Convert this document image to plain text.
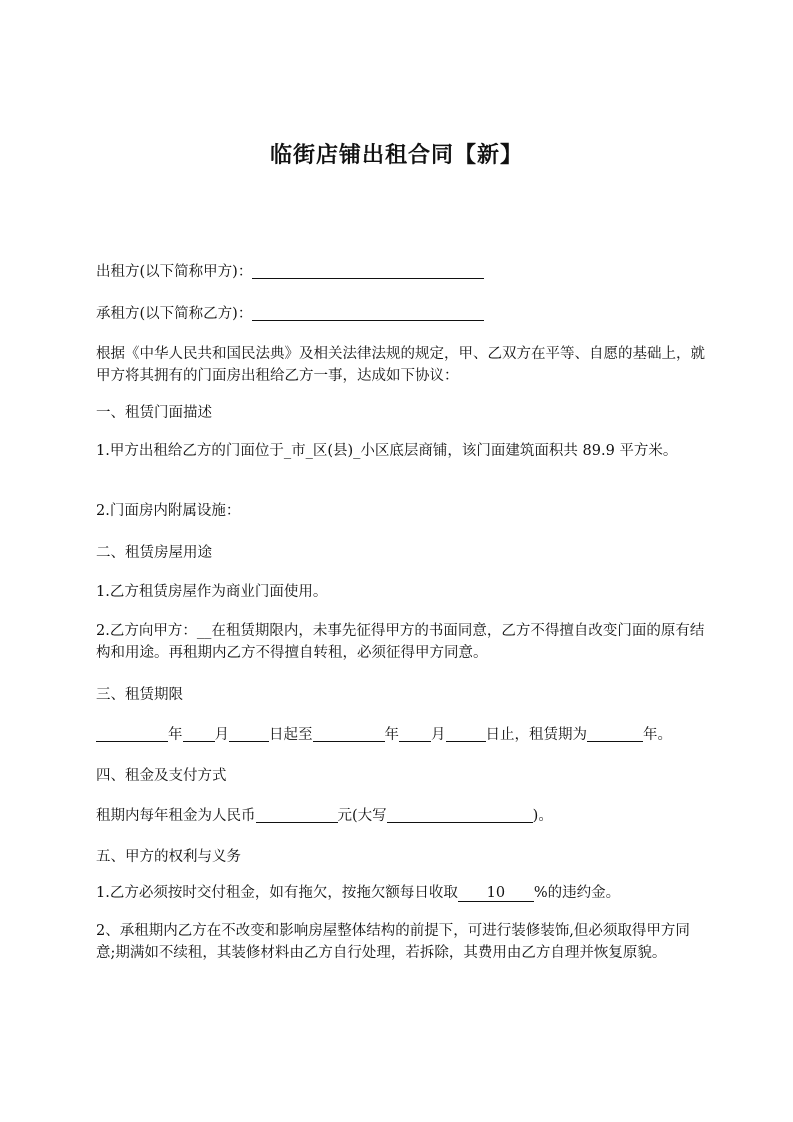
临街店铺出租合同【新】
出租方(以下简称甲方)：
承租方(以下简称乙方)：
根据《中华人民共和国民法典》及相关法律法规的规定，甲、乙双方在平等、自愿的基础上，就甲方将其拥有的门面房出租给乙方一事，达成如下协议：
一、租赁门面描述
1.甲方出租给乙方的门面位于_市_区(县)_小区底层商铺，该门面建筑面积共 89.9 平方米。
2.门面房内附属设施：
二、租赁房屋用途
1.乙方租赁房屋作为商业门面使用。
2.乙方向甲方：__在租赁期限内，未事先征得甲方的书面同意，乙方不得擅自改变门面的原有结构和用途。再租期内乙方不得擅自转租，必须征得甲方同意。
三、租赁期限
年 月	日起至	年 月	日止，租赁期为	年。
四、租金及支付方式
租期内每年租金为人民币	元(大写	)。
五、甲方的权利与义务
1.乙方必须按时交付租金，如有拖欠，按拖欠额每日收取 10 %的违约金。
2、承租期内乙方在不改变和影响房屋整体结构的前提下，可进行装修装饰,但必须取得甲方同意;期满如不续租，其装修材料由乙方自行处理，若拆除，其费用由乙方自理并恢复原貌。
